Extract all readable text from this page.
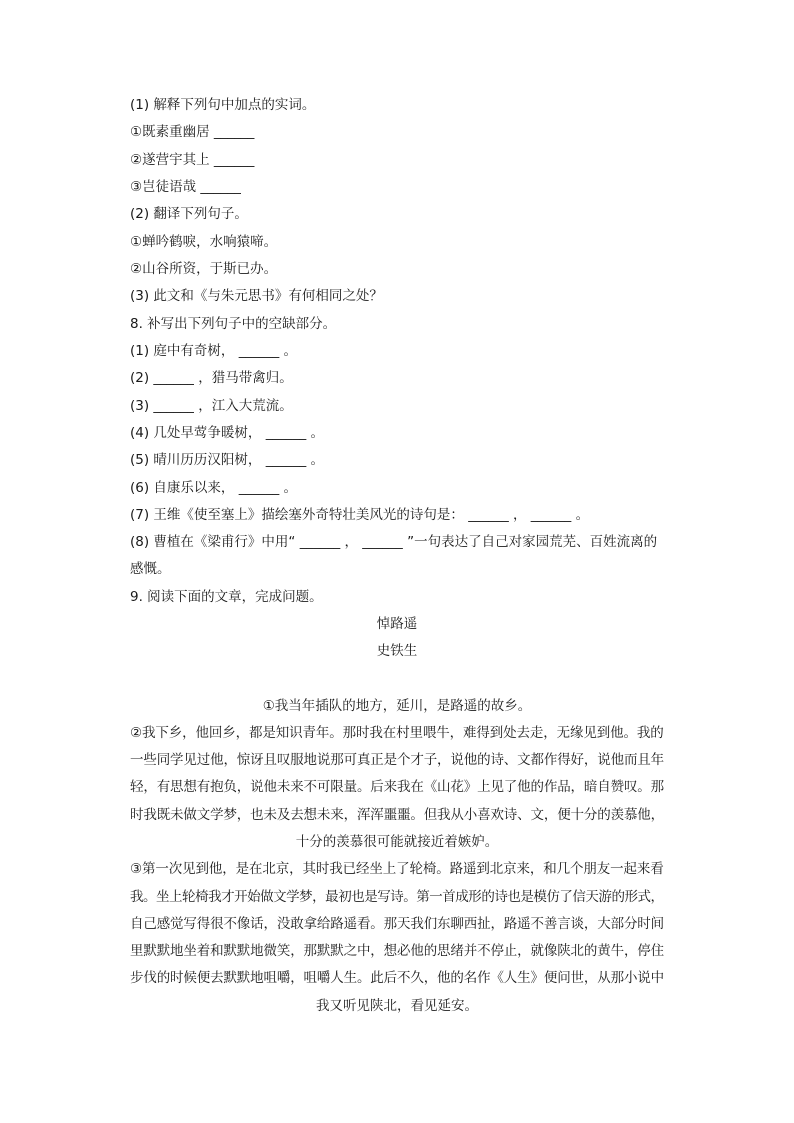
(1) 解释下列句中加点的实词。
①既素重幽居 ______
②遂营宇其上 ______
③岂徒语哉 ______
(2) 翻译下列句子。
①蝉吟鹤唳，水响猿啼。
②山谷所资，于斯已办。
(3) 此文和《与朱元思书》有何相同之处？
8. 补写出下列句子中的空缺部分。
(1) 庭中有奇树， ______ 。
(2) ______ ，猎马带禽归。
(3) ______ ，江入大荒流。
(4) 几处早莺争暖树， ______ 。
(5) 晴川历历汉阳树， ______ 。
(6) 自康乐以来， ______ 。
(7) 王维《使至塞上》描绘塞外奇特壮美风光的诗句是： ______ ， ______ 。
(8) 曹植在《梁甫行》中用“ ______ ， ______ ”一句表达了自己对家园荒芜、百姓流离的
感慨。
9. 阅读下面的文章，完成问题。
悼路遥
史铁生
①我当年插队的地方，延川，是路遥的故乡。
②我下乡，他回乡，都是知识青年。那时我在村里喂牛，难得到处去走，无缘见到他。我的
一些同学见过他，惊讶且叹服地说那可真正是个才子，说他的诗、文都作得好，说他而且年
轻，有思想有抱负，说他未来不可限量。后来我在《山花》上见了他的作品，暗自赞叹。那
时我既未做文学梦，也未及去想未来，浑浑噩噩。但我从小喜欢诗、文，便十分的羡慕他，
十分的羡慕很可能就接近着嫉妒。
③第一次见到他，是在北京，其时我已经坐上了轮椅。路遥到北京来，和几个朋友一起来看
我。坐上轮椅我才开始做文学梦，最初也是写诗。第一首成形的诗也是模仿了信天游的形式，
自己感觉写得很不像话，没敢拿给路遥看。那天我们东聊西扯，路遥不善言谈，大部分时间
里默默地坐着和默默地微笑，那默默之中，想必他的思绪并不停止，就像陕北的黄牛，停住
步伐的时候便去默默地咀嚼，咀嚼人生。此后不久，他的名作《人生》便问世，从那小说中
我又听见陕北，看见延安。
